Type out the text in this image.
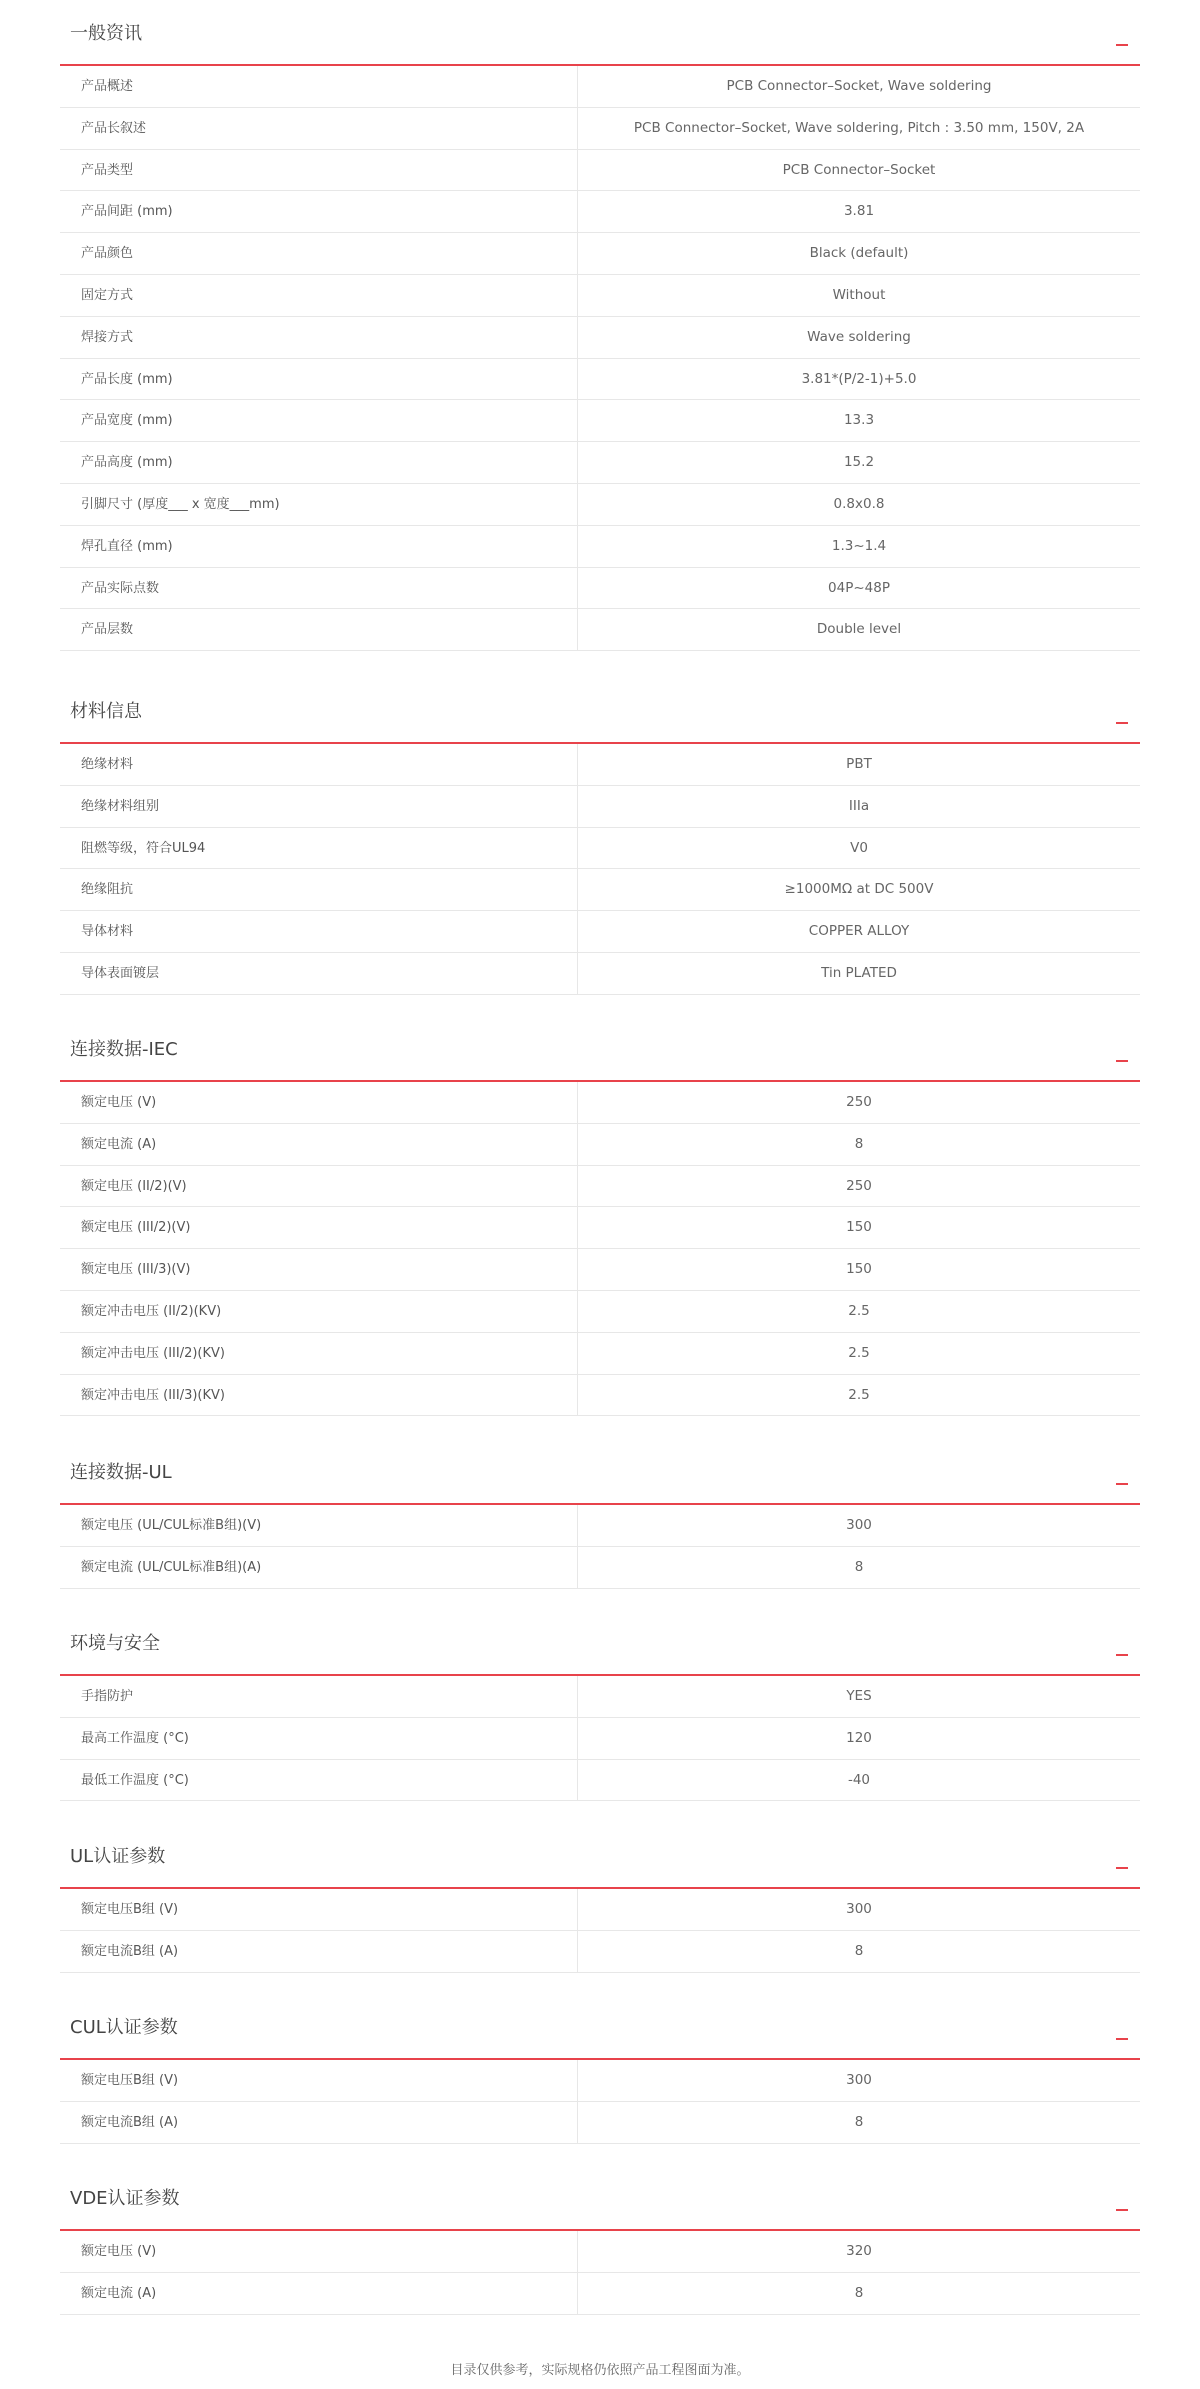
一般资讯
产品概述	PCB Connector–Socket, Wave soldering
产品长叙述	PCB Connector–Socket, Wave soldering, Pitch : 3.50 mm, 150V, 2A
产品类型	PCB Connector–Socket
产品间距 (mm)	3.81
产品颜色	Black (default)
固定方式	Without
焊接方式	Wave soldering
产品长度 (mm)	3.81*(P/2-1)+5.0
产品宽度 (mm)	13.3
产品高度 (mm)	15.2
引脚尺寸 (厚度___ x 宽度___mm)	0.8x0.8
焊孔直径 (mm)	1.3~1.4
产品实际点数	04P~48P
产品层数	Double level
材料信息
绝缘材料	PBT
绝缘材料组别	IIIa
阻燃等级，符合UL94	V0
绝缘阻抗	≥1000MΩ at DC 500V
导体材料	COPPER ALLOY
导体表面镀层	Tin PLATED
连接数据-IEC
额定电压 (V)	250
额定电流 (A)	8
额定电压 (II/2)(V)	250
额定电压 (III/2)(V)	150
额定电压 (III/3)(V)	150
额定冲击电压 (II/2)(KV)	2.5
额定冲击电压 (III/2)(KV)	2.5
额定冲击电压 (III/3)(KV)	2.5
连接数据-UL
额定电压 (UL/CUL标准B组)(V)	300
额定电流 (UL/CUL标准B组)(A)	8
环境与安全
手指防护	YES
最高工作温度 (°C)	120
最低工作温度 (°C)	-40
UL认证参数
额定电压B组 (V)	300
额定电流B组 (A)	8
CUL认证参数
额定电压B组 (V)	300
额定电流B组 (A)	8
VDE认证参数
额定电压 (V)	320
额定电流 (A)	8
目录仅供参考，实际规格仍依照产品工程图面为准。
